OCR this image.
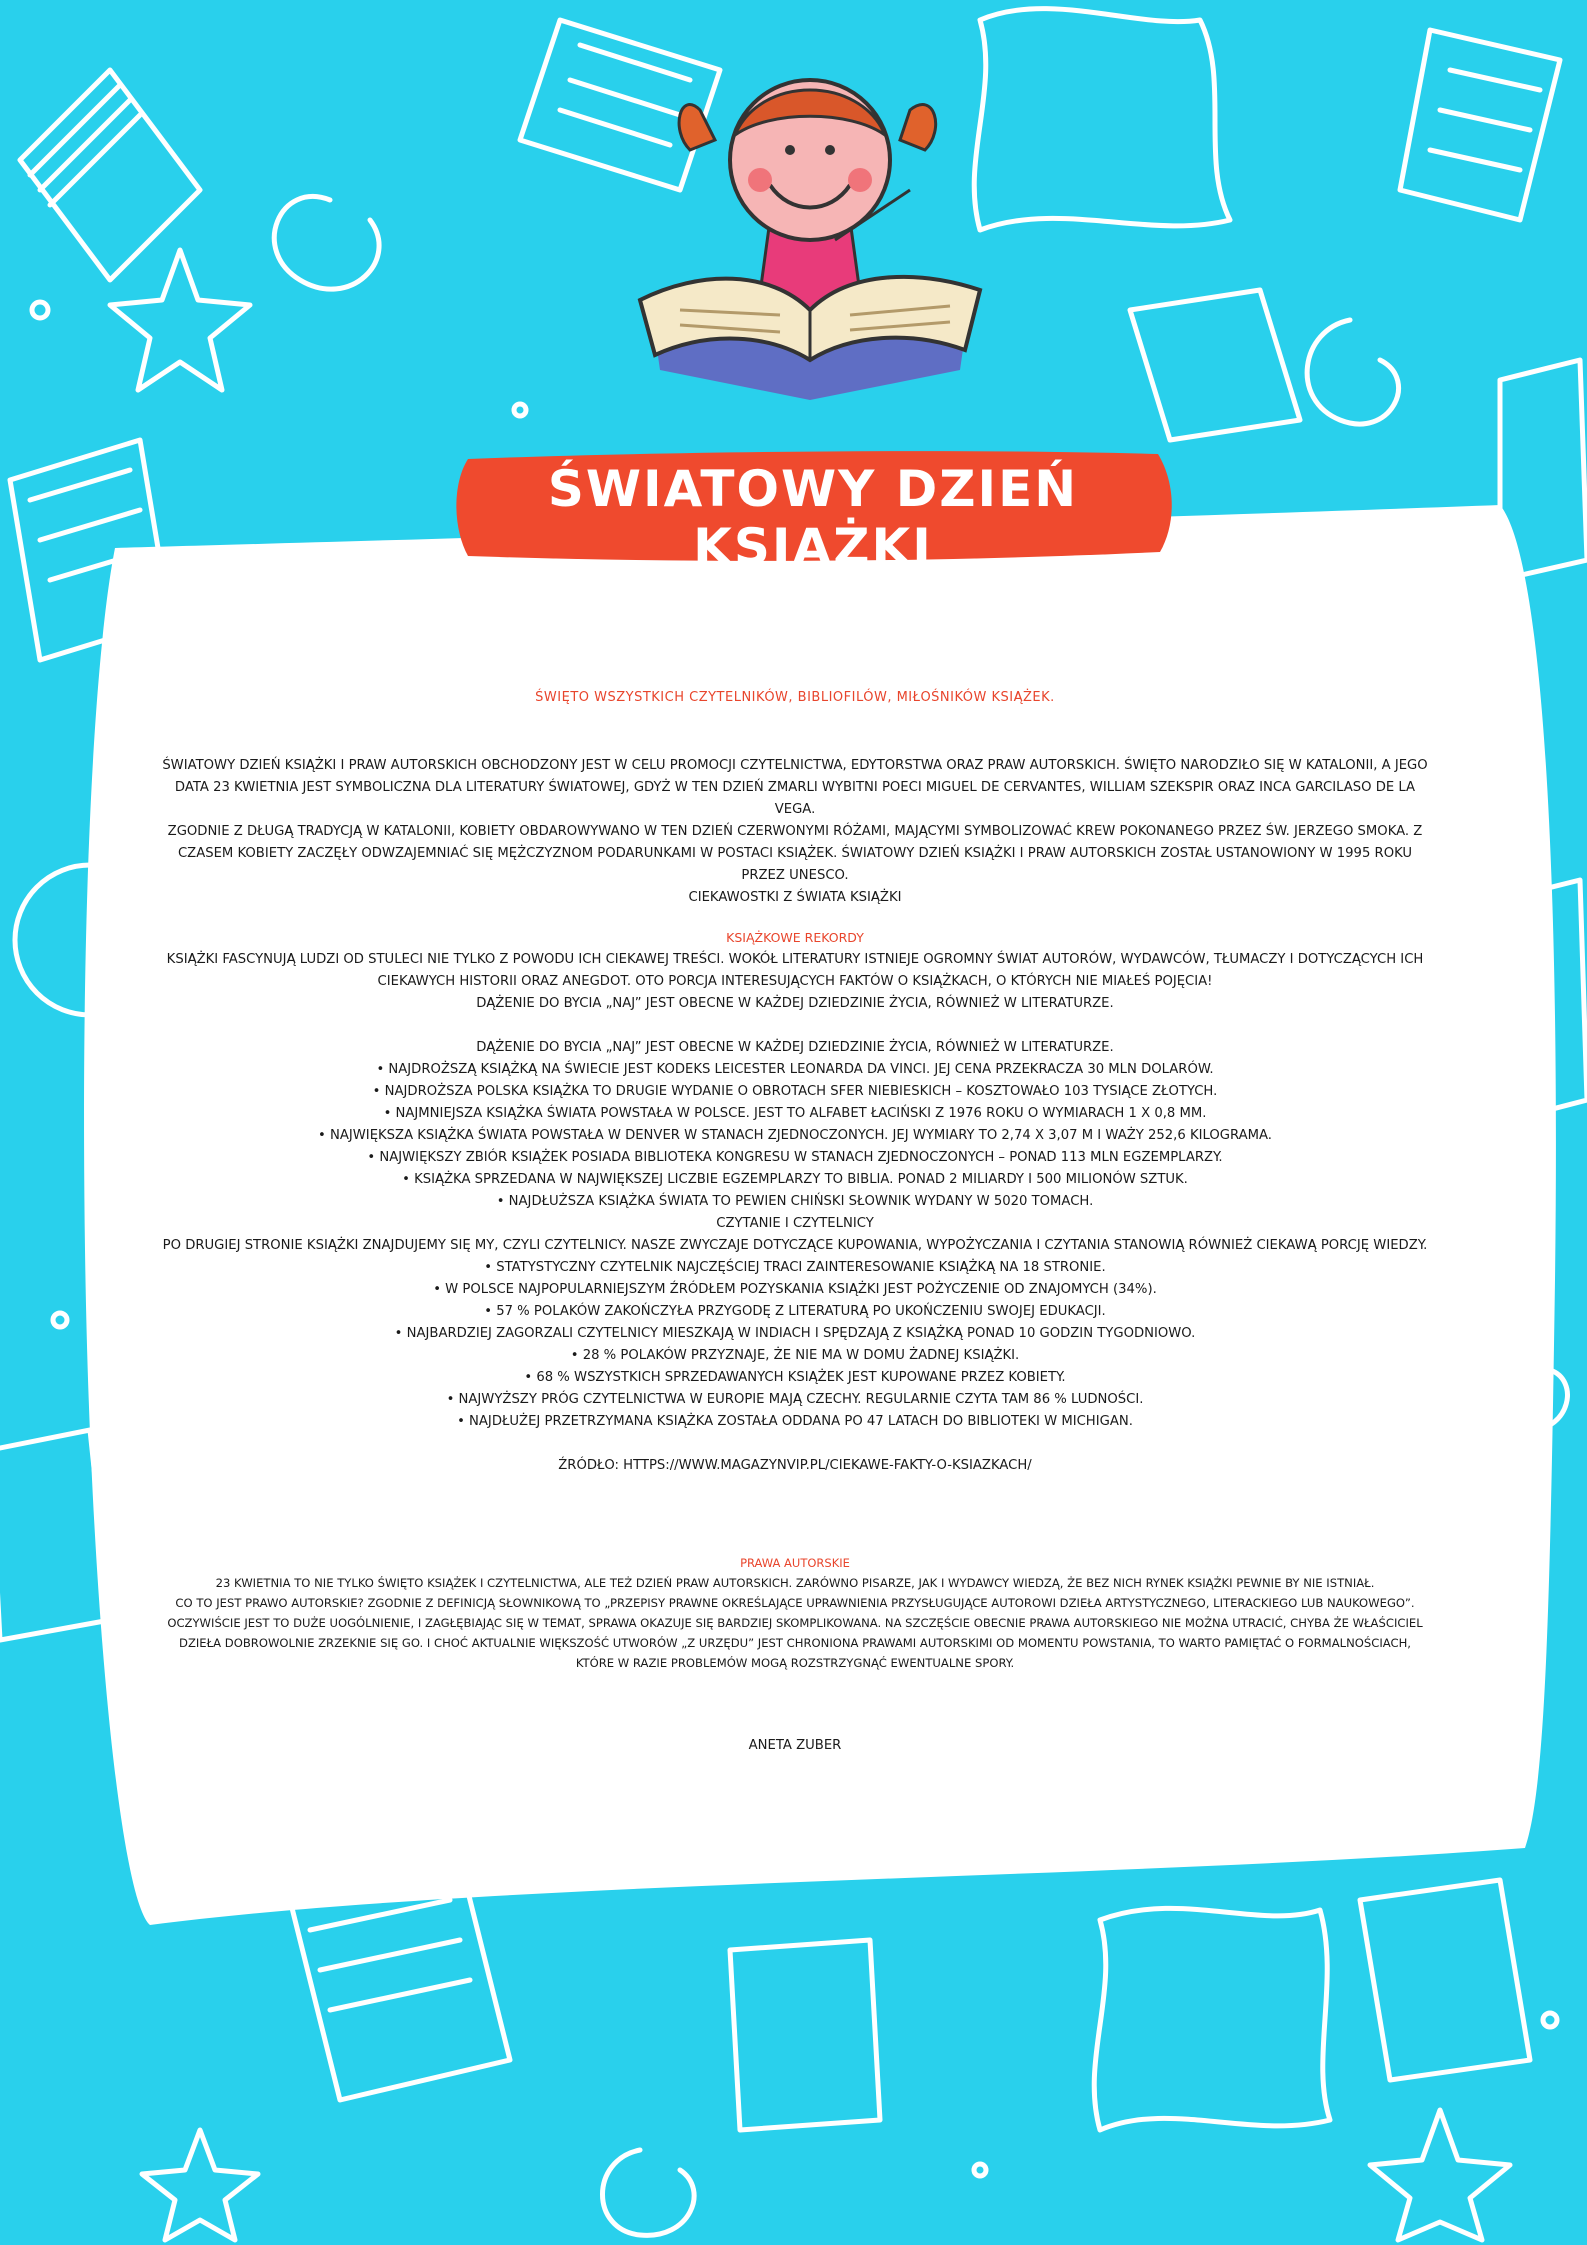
ŚWIATOWY DZIEŃ KSIĄŻKI
ŚWIĘTO WSZYSTKICH CZYTELNIKÓW, BIBLIOFILÓW, MIŁOŚNIKÓW KSIĄŻEK.

ŚWIATOWY DZIEŃ KSIĄŻKI I PRAW AUTORSKICH OBCHODZONY JEST W CELU PROMOCJI CZYTELNICTWA, EDYTORSTWA ORAZ PRAW AUTORSKICH. ŚWIĘTO NARODZIŁO SIĘ W KATALONII, A JEGO DATA 23 KWIETNIA JEST SYMBOLICZNA DLA LITERATURY ŚWIATOWEJ, GDYŻ W TEN DZIEŃ ZMARLI WYBITNI POECI MIGUEL DE CERVANTES, WILLIAM SZEKSPIR ORAZ INCA GARCILASO DE LA VEGA.

ZGODNIE Z DŁUGĄ TRADYCJĄ W KATALONII, KOBIETY OBDAROWYWANO W TEN DZIEŃ CZERWONYMI RÓŻAMI, MAJĄCYMI SYMBOLIZOWAĆ KREW POKONANEGO PRZEZ ŚW. JERZEGO SMOKA. Z CZASEM KOBIETY ZACZĘŁY ODWZAJEMNIAĆ SIĘ MĘŻCZYZNOM PODARUNKAMI W POSTACI KSIĄŻEK. ŚWIATOWY DZIEŃ KSIĄŻKI I PRAW AUTORSKICH ZOSTAŁ USTANOWIONY W 1995 ROKU PRZEZ UNESCO.

CIEKAWOSTKI Z ŚWIATA KSIĄŻKI

KSIĄŻKOWE REKORDY

KSIĄŻKI FASCYNUJĄ LUDZI OD STULECI NIE TYLKO Z POWODU ICH CIEKAWEJ TREŚCI. WOKÓŁ LITERATURY ISTNIEJE OGROMNY ŚWIAT AUTORÓW, WYDAWCÓW, TŁUMACZY I DOTYCZĄCYCH ICH CIEKAWYCH HISTORII ORAZ ANEGDOT. OTO PORCJA INTERESUJĄCYCH FAKTÓW O KSIĄŻKACH, O KTÓRYCH NIE MIAŁEŚ POJĘCIA!

DĄŻENIE DO BYCIA „NAJ” JEST OBECNE W KAŻDEJ DZIEDZINIE ŻYCIA, RÓWNIEŻ W LITERATURZE.

DĄŻENIE DO BYCIA „NAJ” JEST OBECNE W KAŻDEJ DZIEDZINIE ŻYCIA, RÓWNIEŻ W LITERATURZE.

• NAJDROŻSZĄ KSIĄŻKĄ NA ŚWIECIE JEST KODEKS LEICESTER LEONARDA DA VINCI. JEJ CENA PRZEKRACZA 30 MLN DOLARÓW.

• NAJDROŻSZA POLSKA KSIĄŻKA TO DRUGIE WYDANIE O OBROTACH SFER NIEBIESKICH – KOSZTOWAŁO 103 TYSIĄCE ZŁOTYCH.

• NAJMNIEJSZA KSIĄŻKA ŚWIATA POWSTAŁA W POLSCE. JEST TO ALFABET ŁACIŃSKI Z 1976 ROKU O WYMIARACH 1 X 0,8 MM.

• NAJWIĘKSZA KSIĄŻKA ŚWIATA POWSTAŁA W DENVER W STANACH ZJEDNOCZONYCH. JEJ WYMIARY TO 2,74 X 3,07 M I WAŻY 252,6 KILOGRAMA.

• NAJWIĘKSZY ZBIÓR KSIĄŻEK POSIADA BIBLIOTEKA KONGRESU W STANACH ZJEDNOCZONYCH – PONAD 113 MLN EGZEMPLARZY.

• KSIĄŻKA SPRZEDANA W NAJWIĘKSZEJ LICZBIE EGZEMPLARZY TO BIBLIA. PONAD 2 MILIARDY I 500 MILIONÓW SZTUK.

• NAJDŁUŻSZA KSIĄŻKA ŚWIATA TO PEWIEN CHIŃSKI SŁOWNIK WYDANY W 5020 TOMACH.

CZYTANIE I CZYTELNICY

PO DRUGIEJ STRONIE KSIĄŻKI ZNAJDUJEMY SIĘ MY, CZYLI CZYTELNICY. NASZE ZWYCZAJE DOTYCZĄCE KUPOWANIA, WYPOŻYCZANIA I CZYTANIA STANOWIĄ RÓWNIEŻ CIEKAWĄ PORCJĘ WIEDZY.

• STATYSTYCZNY CZYTELNIK NAJCZĘŚCIEJ TRACI ZAINTERESOWANIE KSIĄŻKĄ NA 18 STRONIE.

• W POLSCE NAJPOPULARNIEJSZYM ŹRÓDŁEM POZYSKANIA KSIĄŻKI JEST POŻYCZENIE OD ZNAJOMYCH (34%).

• 57 % POLAKÓW ZAKOŃCZYŁA PRZYGODĘ Z LITERATURĄ PO UKOŃCZENIU SWOJEJ EDUKACJI.

• NAJBARDZIEJ ZAGORZALI CZYTELNICY MIESZKAJĄ W INDIACH I SPĘDZAJĄ Z KSIĄŻKĄ PONAD 10 GODZIN TYGODNIOWO.

• 28 % POLAKÓW PRZYZNAJE, ŻE NIE MA W DOMU ŻADNEJ KSIĄŻKI.

• 68 % WSZYSTKICH SPRZEDAWANYCH KSIĄŻEK JEST KUPOWANE PRZEZ KOBIETY.

• NAJWYŻSZY PRÓG CZYTELNICTWA W EUROPIE MAJĄ CZECHY. REGULARNIE CZYTA TAM 86 % LUDNOŚCI.

• NAJDŁUŻEJ PRZETRZYMANA KSIĄŻKA ZOSTAŁA ODDANA PO 47 LATACH DO BIBLIOTEKI W MICHIGAN.

ŹRÓDŁO: HTTPS://WWW.MAGAZYNVIP.PL/CIEKAWE-FAKTY-O-KSIAZKACH/

PRAWA AUTORSKIE

23 KWIETNIA TO NIE TYLKO ŚWIĘTO KSIĄŻEK I CZYTELNICTWA, ALE TEŻ DZIEŃ PRAW AUTORSKICH. ZARÓWNO PISARZE, JAK I WYDAWCY WIEDZĄ, ŻE BEZ NICH RYNEK KSIĄŻKI PEWNIE BY NIE ISTNIAŁ.

CO TO JEST PRAWO AUTORSKIE? ZGODNIE Z DEFINICJĄ SŁOWNIKOWĄ TO „PRZEPISY PRAWNE OKREŚLAJĄCE UPRAWNIENIA PRZYSŁUGUJĄCE AUTOROWI DZIEŁA ARTYSTYCZNEGO, LITERACKIEGO LUB NAUKOWEGO”. OCZYWIŚCIE JEST TO DUŻE UOGÓLNIENIE, I ZAGŁĘBIAJĄC SIĘ W TEMAT, SPRAWA OKAZUJE SIĘ BARDZIEJ SKOMPLIKOWANA. NA SZCZĘŚCIE OBECNIE PRAWA AUTORSKIEGO NIE MOŻNA UTRACIĆ, CHYBA ŻE WŁAŚCICIEL DZIEŁA DOBROWOLNIE ZRZEKNIE SIĘ GO. I CHOĆ AKTUALNIE WIĘKSZOŚĆ UTWORÓW „Z URZĘDU” JEST CHRONIONA PRAWAMI AUTORSKIMI OD MOMENTU POWSTANIA, TO WARTO PAMIĘTAĆ O FORMALNOŚCIACH, KTÓRE W RAZIE PROBLEMÓW MOGĄ ROZSTRZYGNĄĆ EWENTUALNE SPORY.

ANETA ZUBER
